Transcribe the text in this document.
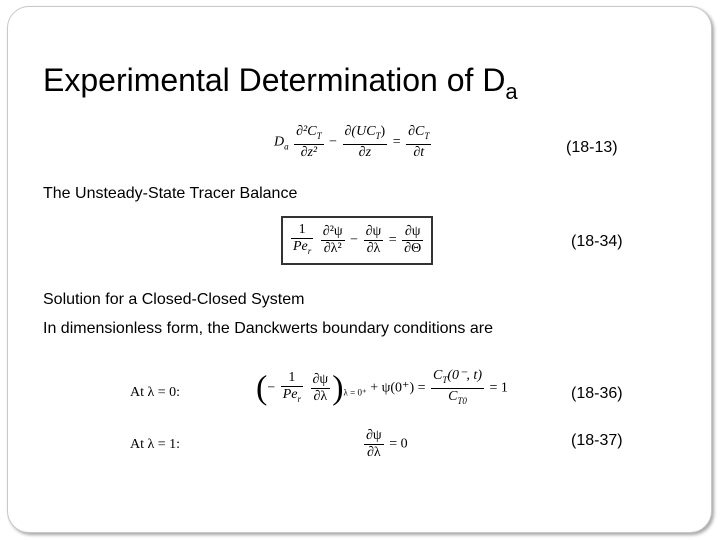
Experimental Determination of $D_a$
$D_a \frac{\partial^2C_T}{\text{∂z²}} - \frac{\partial(UC_T)}{\partial z} = \frac{\partial C_T}{\partial t}$	(18-13)
The Unsteady-State Tracer Balance
$\frac{1}{Pe_r}$
$\frac{\text{∂²ψ}}{\text{∂λ²}} - \frac{\partial\psi}{\partial\lambda} = \frac{\partial\psi}{\partial\Theta}$	(18-34)
Solution for a Closed-Closed System
In dimensionless form, the Danckwerts boundary conditions are
At λ = 0: (− $\frac{1}{Pe_r}$
$\frac{\partial\psi}{\partial\lambda} )_{\lambda = 0^+} + \psi(0^+) = \frac{C_T(0^-, t)}{C_{T0}} = 1$	(18-36)
At λ = 1:	$\frac{\partial\psi}{\partial\lambda} = 0$	(18-37)
